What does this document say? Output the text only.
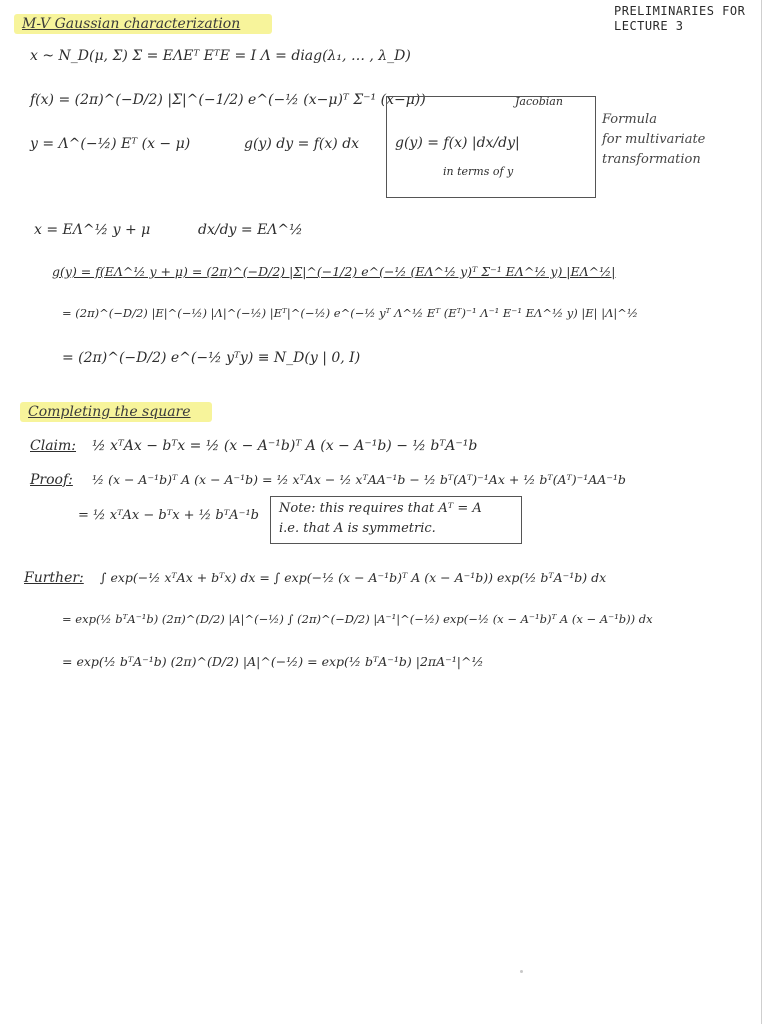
PRELIMINARIES FOR
LECTURE 3
M-V Gaussian characterization
x ~ N_D(μ, Σ) Σ = EΛEᵀ EᵀE = I Λ = diag(λ₁, … , λ_D)
f(x) = (2π)^(−D/2) |Σ|^(−1/2) e^(−½ (x−μ)ᵀ Σ⁻¹ (x−μ))
y = Λ^(−½) Eᵀ (x − μ)	g(y) dy = f(x) dx
Jacobian
g(y) = f(x) |dx/dy|
in terms of y
Formula
for multivariate
transformation
x = EΛ^½ y + μ	dx/dy = EΛ^½
g(y) = f(EΛ^½ y + μ) = (2π)^(−D/2) |Σ|^(−1/2) e^(−½ (EΛ^½ y)ᵀ Σ⁻¹ EΛ^½ y) |EΛ^½|
= (2π)^(−D/2) |E|^(−½) |Λ|^(−½) |Eᵀ|^(−½) e^(−½ yᵀ Λ^½ Eᵀ (Eᵀ)⁻¹ Λ⁻¹ E⁻¹ EΛ^½ y) |E| |Λ|^½
= (2π)^(−D/2) e^(−½ yᵀy) ≡ N_D(y | 0, I)
Completing the square
Claim: ½ xᵀAx − bᵀx = ½ (x − A⁻¹b)ᵀ A (x − A⁻¹b) − ½ bᵀA⁻¹b
Proof: ½ (x − A⁻¹b)ᵀ A (x − A⁻¹b) = ½ xᵀAx − ½ xᵀAA⁻¹b − ½ bᵀ(Aᵀ)⁻¹Ax + ½ bᵀ(Aᵀ)⁻¹AA⁻¹b
= ½ xᵀAx − bᵀx + ½ bᵀA⁻¹b Note: this requires that Aᵀ = A
i.e. that A is symmetric.
Further: ∫ exp(−½ xᵀAx + bᵀx) dx = ∫ exp(−½ (x − A⁻¹b)ᵀ A (x − A⁻¹b)) exp(½ bᵀA⁻¹b) dx
= exp(½ bᵀA⁻¹b) (2π)^(D/2) |A|^(−½) ∫ (2π)^(−D/2) |A⁻¹|^(−½) exp(−½ (x − A⁻¹b)ᵀ A (x − A⁻¹b)) dx
= exp(½ bᵀA⁻¹b) (2π)^(D/2) |A|^(−½) = exp(½ bᵀA⁻¹b) |2πA⁻¹|^½
